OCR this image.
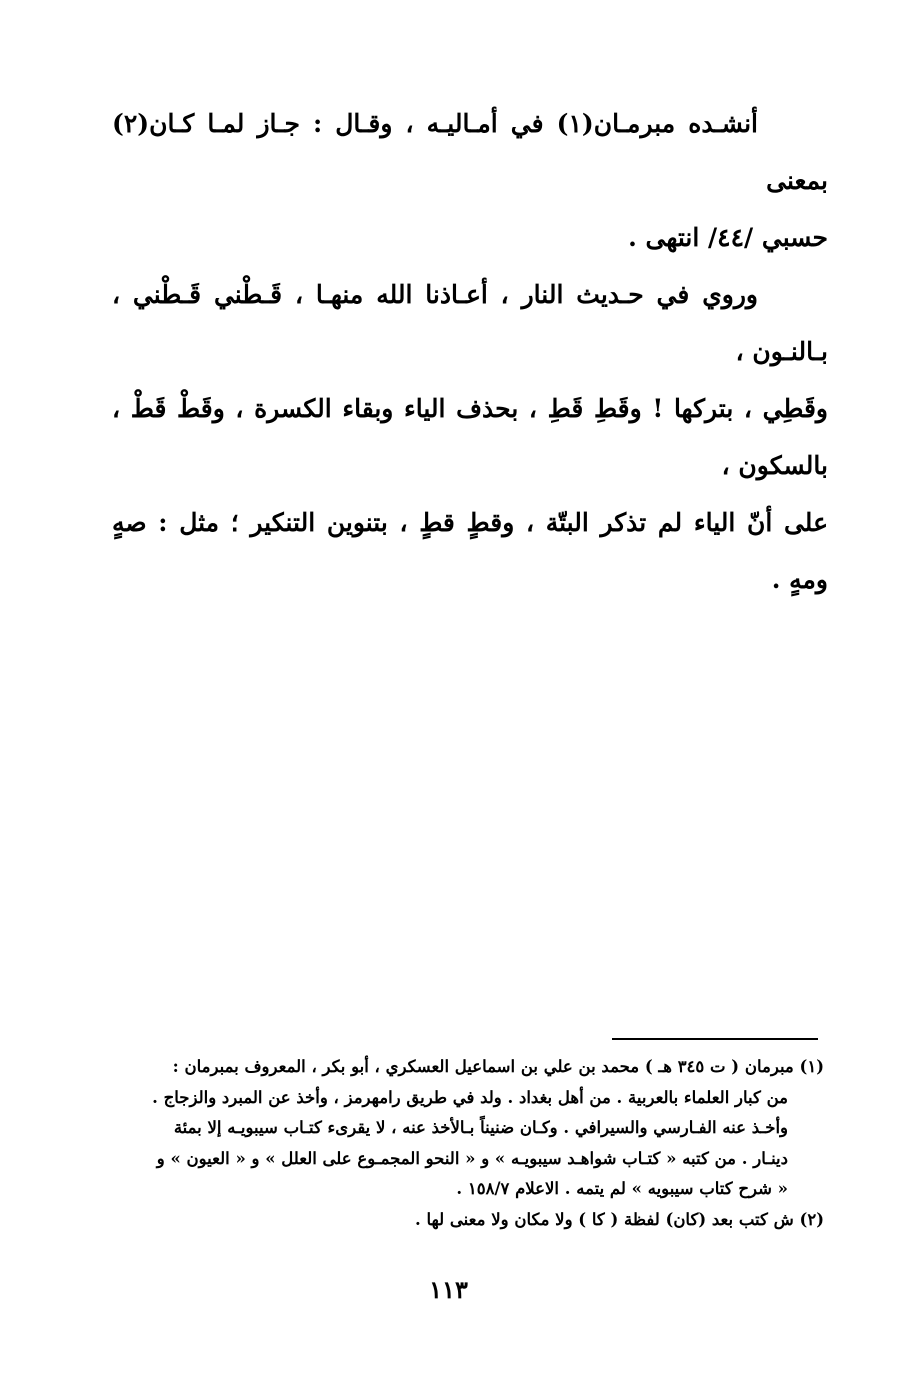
أنشـده مبرمـان(١) في أمـاليـه ، وقـال : جـاز لمـا كـان(٢) بمعنى

حسبي /٤٤/ انتهى .

وروي في حـديث النار ، أعـاذنا الله منهـا ، قَـطْني قَـطْني ، بـالنـون ،

وقَطِي ، بتركها ! وقَطِ قَطِ ، بحذف الياء وبقاء الكسرة ، وقَطْ قَطْ ، بالسكون ،

على أنّ الياء لم تذكر البتّة ، وقطٍ قطٍ ، بتنوين التنكير ؛ مثل : صهٍ ومهٍ .

(١) مبرمان ( ت ٣٤٥ هـ ) محمد بن علي بن اسماعيل العسكري ، أبو بكر ، المعروف بمبرمان :

من كبار العلماء بالعربية . من أهل بغداد . ولد في طريق رامهرمز ، وأخذ عن المبرد والزجاج .

وأخـذ عنه الفـارسي والسيرافي . وكـان ضنيناً بـالأخذ عنه ، لا يقرىء كتـاب سيبويـه إلا بمئة

دينـار . من كتبه « كتـاب شواهـد سيبويـه » و « النحو المجمـوع على العلل » و « العيون » و

« شرح كتاب سيبويه » لم يتمه . الاعلام ١٥٨/٧ .

(٢) ش كتب بعد (كان) لفظة ( كا ) ولا مكان ولا معنى لها .

١١٣
